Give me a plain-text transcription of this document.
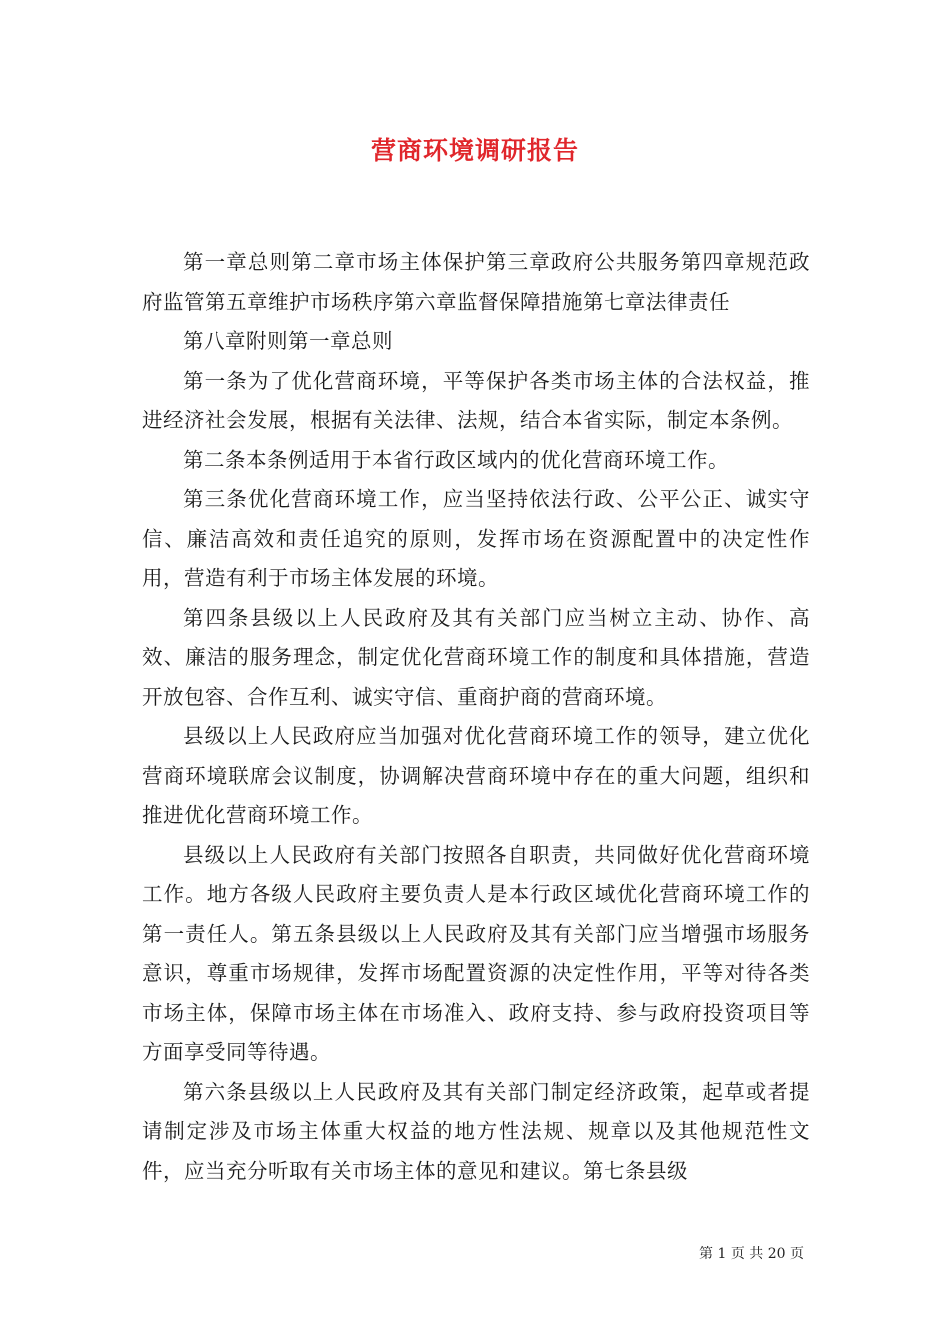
营商环境调研报告

第一章总则第二章市场主体保护第三章政府公共服务第四章规范政府监管第五章维护市场秩序第六章监督保障措施第七章法律责任

第八章附则第一章总则

第一条为了优化营商环境，平等保护各类市场主体的合法权益，推进经济社会发展，根据有关法律、法规，结合本省实际，制定本条例。

第二条本条例适用于本省行政区域内的优化营商环境工作。

第三条优化营商环境工作，应当坚持依法行政、公平公正、诚实守信、廉洁高效和责任追究的原则，发挥市场在资源配置中的决定性作用，营造有利于市场主体发展的环境。

第四条县级以上人民政府及其有关部门应当树立主动、协作、高效、廉洁的服务理念，制定优化营商环境工作的制度和具体措施，营造开放包容、合作互利、诚实守信、重商护商的营商环境。

县级以上人民政府应当加强对优化营商环境工作的领导，建立优化营商环境联席会议制度，协调解决营商环境中存在的重大问题，组织和推进优化营商环境工作。

县级以上人民政府有关部门按照各自职责，共同做好优化营商环境工作。地方各级人民政府主要负责人是本行政区域优化营商环境工作的第一责任人。第五条县级以上人民政府及其有关部门应当增强市场服务意识，尊重市场规律，发挥市场配置资源的决定性作用，平等对待各类市场主体，保障市场主体在市场准入、政府支持、参与政府投资项目等方面享受同等待遇。

第六条县级以上人民政府及其有关部门制定经济政策，起草或者提请制定涉及市场主体重大权益的地方性法规、规章以及其他规范性文件，应当充分听取有关市场主体的意见和建议。第七条县级

第 1 页 共 20 页
